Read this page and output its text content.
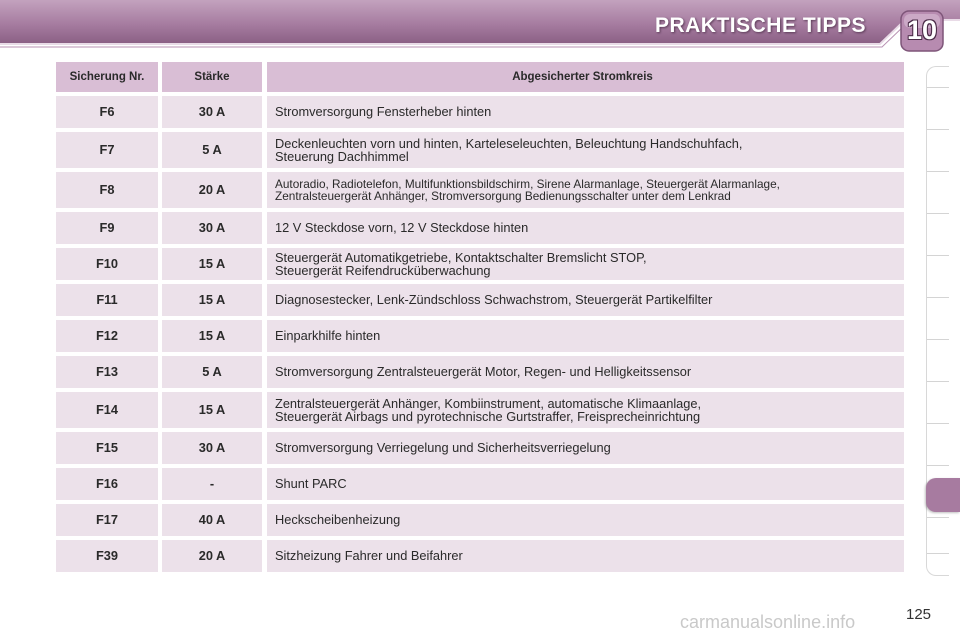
PRAKTISCHE TIPPS 10
Sicherung Nr.	Stärke	Abgesicherter Stromkreis
F6	30 A	Stromversorgung Fensterheber hinten
F7	5 A	Deckenleuchten vorn und hinten, Karteleseleuchten, Beleuchtung Handschuhfach,
Steuerung Dachhimmel
F8	20 A	Autoradio, Radiotelefon, Multifunktionsbildschirm, Sirene Alarmanlage, Steuergerät Alarmanlage,
Zentralsteuergerät Anhänger, Stromversorgung Bedienungsschalter unter dem Lenkrad
F9	30 A	12 V Steckdose vorn, 12 V Steckdose hinten
F10	15 A	Steuergerät Automatikgetriebe, Kontaktschalter Bremslicht STOP,
Steuergerät Reifendrucküberwachung
F11	15 A	Diagnosestecker, Lenk-Zündschloss Schwachstrom, Steuergerät Partikelfilter
F12	15 A	Einparkhilfe hinten
F13	5 A	Stromversorgung Zentralsteuergerät Motor, Regen- und Helligkeitssensor
F14	15 A	Zentralsteuergerät Anhänger, Kombiinstrument, automatische Klimaanlage,
Steuergerät Airbags und pyrotechnische Gurtstraffer, Freisprecheinrichtung
F15	30 A	Stromversorgung Verriegelung und Sicherheitsverriegelung
F16	-	Shunt PARC
F17	40 A	Heckscheibenheizung
F39	20 A	Sitzheizung Fahrer und Beifahrer
carmanualsonline.info	125
